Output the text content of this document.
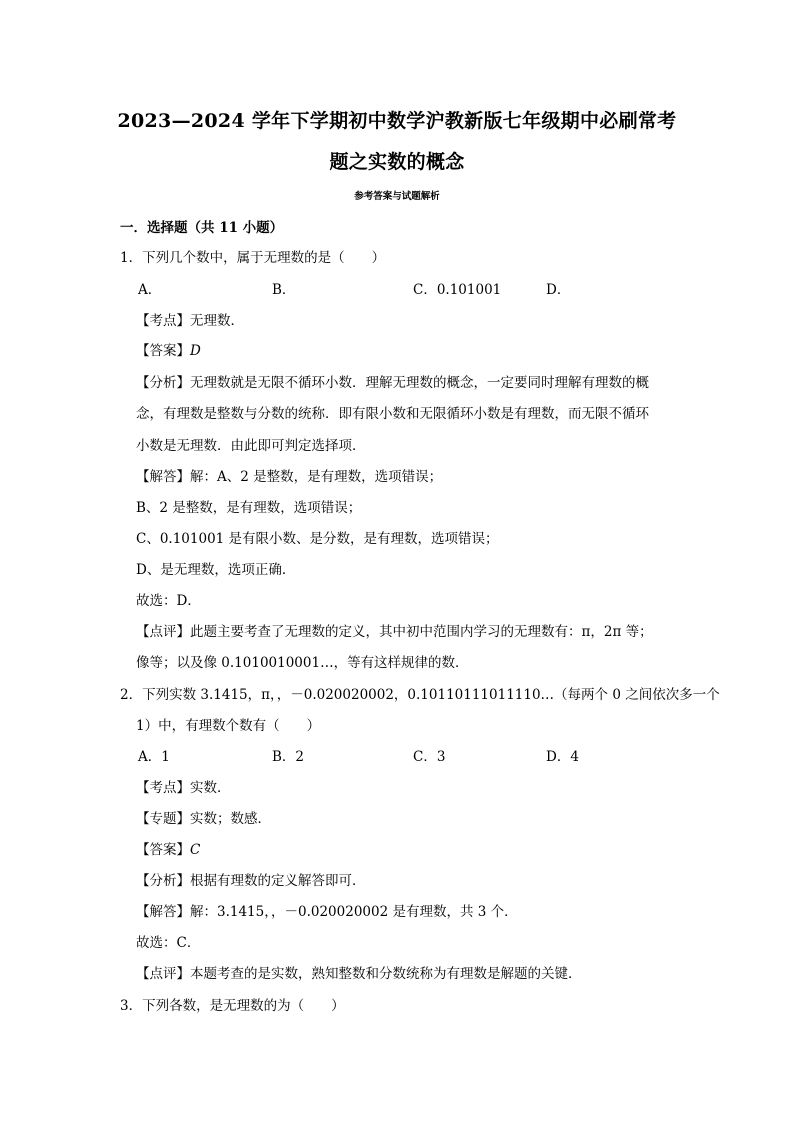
2023—2024 学年下学期初中数学沪教新版七年级期中必刷常考
题之实数的概念
参考答案与试题解析
一．选择题（共 11 小题）
1．下列几个数中，属于无理数的是（　　）
A．	B．	C．0.101001	D．
【考点】无理数．
【答案】D
【分析】无理数就是无限不循环小数．理解无理数的概念，一定要同时理解有理数的概
念，有理数是整数与分数的统称．即有限小数和无限循环小数是有理数，而无限不循环
小数是无理数．由此即可判定选择项．
【解答】解：A、2 是整数，是有理数，选项错误；
B、2 是整数，是有理数，选项错误；
C、0.101001 是有限小数、是分数，是有理数，选项错误；
D、是无理数，选项正确．
故选：D．
【点评】此题主要考查了无理数的定义，其中初中范围内学习的无理数有：π，2π 等；
像等；以及像 0.1010010001…，等有这样规律的数．
2．下列实数 3.1415，π，，－0.020020002，0.10110111011110…（每两个 0 之间依次多一个
1）中，有理数个数有（　　）
A．1	B．2	C．3	D．4
【考点】实数．
【专题】实数；数感．
【答案】C
【分析】根据有理数的定义解答即可．
【解答】解：3.1415，，－0.020020002 是有理数，共 3 个．
故选：C．
【点评】本题考查的是实数，熟知整数和分数统称为有理数是解题的关键．
3．下列各数，是无理数的为（　　）
